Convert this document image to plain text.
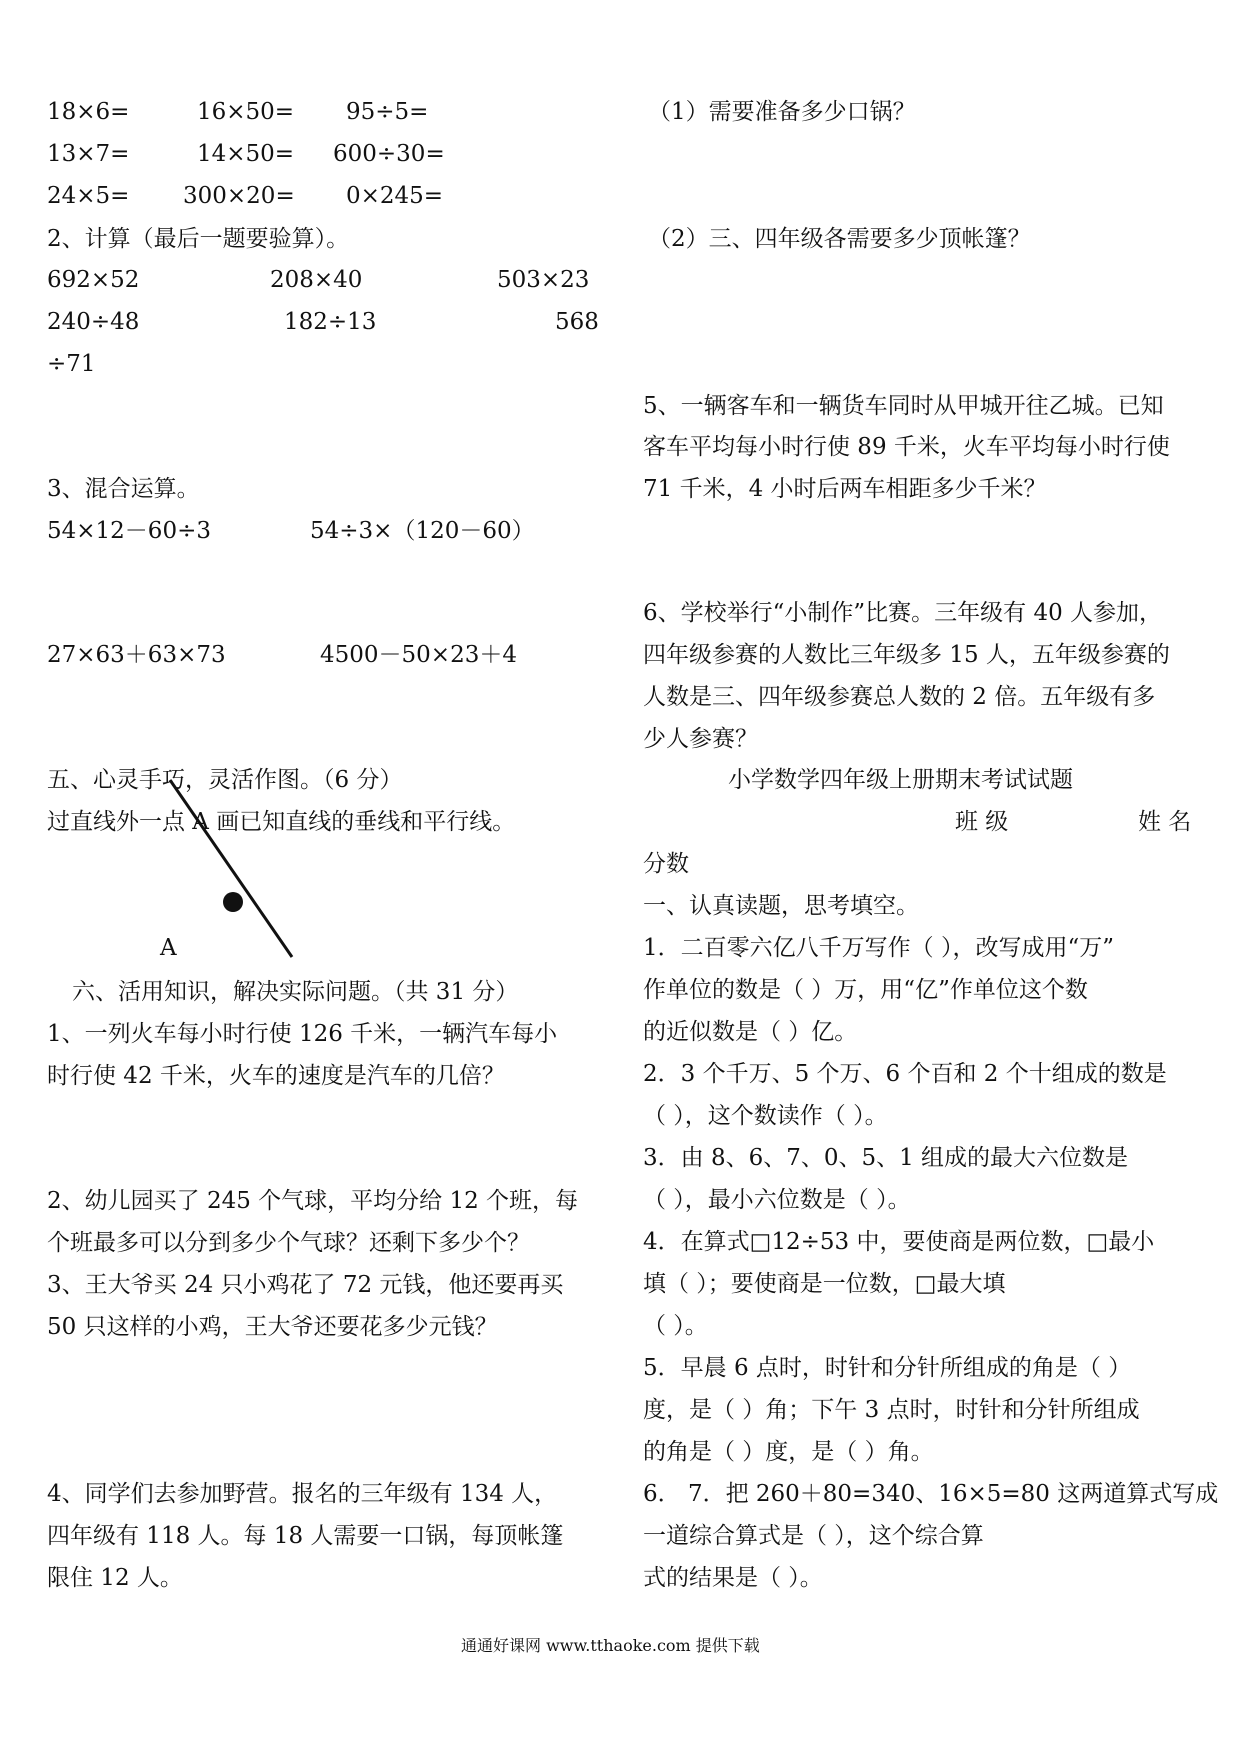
18×6=	16×50= 95÷5=
13×7=	14×50= 600÷30=
24×5= 300×20= 0×245=
2、计算（最后一题要验算）。
692×52	208×40	503×23
240÷48	182÷13	568
÷71
3、混合运算。
54×12－60÷3	54÷3×（120－60）
27×63＋63×73	4500－50×23＋4
五、心灵手巧，灵活作图。（6 分）
过直线外一点 A 画已知直线的垂线和平行线。
A
六、活用知识，解决实际问题。（共 31 分）
1、一列火车每小时行使 126 千米，一辆汽车每小
时行使 42 千米，火车的速度是汽车的几倍？
2、幼儿园买了 245 个气球，平均分给 12 个班，每
个班最多可以分到多少个气球？还剩下多少个？
3、王大爷买 24 只小鸡花了 72 元钱，他还要再买
50 只这样的小鸡，王大爷还要花多少元钱？
4、同学们去参加野营。报名的三年级有 134 人，
四年级有 118 人。每 18 人需要一口锅，每顶帐篷
限住 12 人。
（1）需要准备多少口锅？
（2）三、四年级各需要多少顶帐篷？
5、一辆客车和一辆货车同时从甲城开往乙城。已知
客车平均每小时行使 89 千米，火车平均每小时行使
71 千米，4 小时后两车相距多少千米？
6、学校举行“小制作”比赛。三年级有 40 人参加，
四年级参赛的人数比三年级多 15 人，五年级参赛的
人数是三、四年级参赛总人数的 2 倍。五年级有多
少人参赛？
小学数学四年级上册期末考试试题
班 级	姓 名
分数
一、认真读题，思考填空。
1．二百零六亿八千万写作（ ），改写成用“万”
作单位的数是（ ）万，用“亿”作单位这个数
的近似数是（ ）亿。
2．3 个千万、5 个万、6 个百和 2 个十组成的数是
（ ），这个数读作（ ）。
3．由 8、6、7、0、5、1 组成的最大六位数是
（ ），最小六位数是（ ）。
4．在算式□12÷53 中，要使商是两位数，□最小
填（ ）；要使商是一位数，□最大填
（ ）。
5．早晨 6 点时，时针和分针所组成的角是（ ）
度，是（ ）角；下午 3 点时，时针和分针所组成
的角是（ ）度，是（ ）角。
6． 7．把 260＋80=340、16×5=80 这两道算式写成
一道综合算式是（ ），这个综合算
式的结果是（ ）。
通通好课网 www.tthaoke.com 提供下载
